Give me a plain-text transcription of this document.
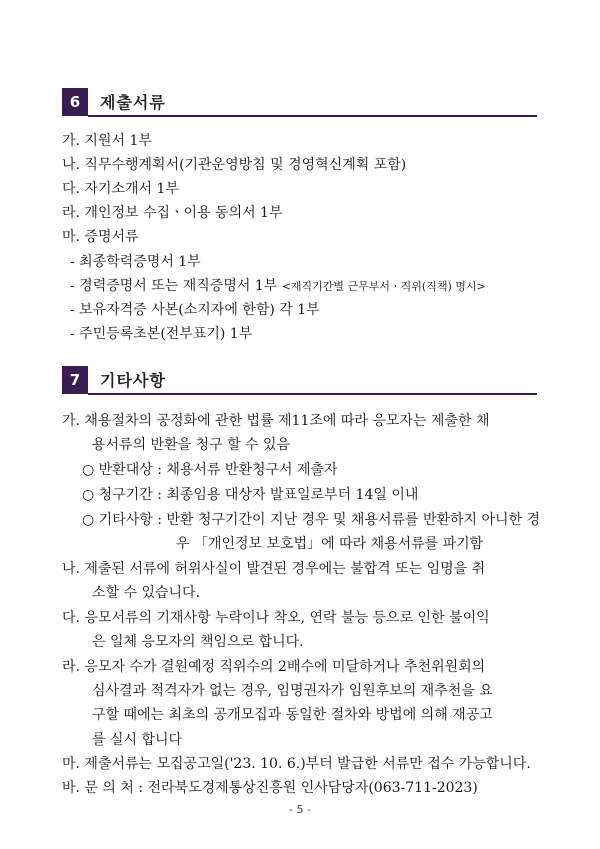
6	제출서류
가. 지원서 1부
나. 직무수행계획서(기관운영방침 및 경영혁신계획 포함)
다. 자기소개서 1부
라. 개인정보 수집ㆍ이용 동의서 1부
마. 증명서류
- 최종학력증명서 1부
- 경력증명서 또는 재직증명서 1부 <재직기간별 근무부서ㆍ직위(직책) 명시>
- 보유자격증 사본(소지자에 한함) 각 1부
- 주민등록초본(전부표기) 1부
7	기타사항
가. 채용절차의 공정화에 관한 법률 제11조에 따라 응모자는 제출한 채
용서류의 반환을 청구 할 수 있음
○ 반환대상 : 채용서류 반환청구서 제출자
○ 청구기간 : 최종임용 대상자 발표일로부터 14일 이내
○ 기타사항 : 반환 청구기간이 지난 경우 및 채용서류를 반환하지 아니한 경
우 「개인정보 보호법」에 따라 채용서류를 파기함
나. 제출된 서류에 허위사실이 발견된 경우에는 불합격 또는 임명을 취
소할 수 있습니다.
다. 응모서류의 기재사항 누락이나 착오, 연락 불능 등으로 인한 불이익
은 일체 응모자의 책임으로 합니다.
라. 응모자 수가 결원예정 직위수의 2배수에 미달하거나 추천위원회의
심사결과 적격자가 없는 경우, 임명권자가 임원후보의 재추천을 요
구할 때에는 최초의 공개모집과 동일한 절차와 방법에 의해 재공고
를 실시 합니다
마. 제출서류는 모집공고일('23. 10. 6.)부터 발급한 서류만 접수 가능합니다.
바. 문 의 처 : 전라북도경제통상진흥원 인사담당자(063-711-2023)
- 5 -
